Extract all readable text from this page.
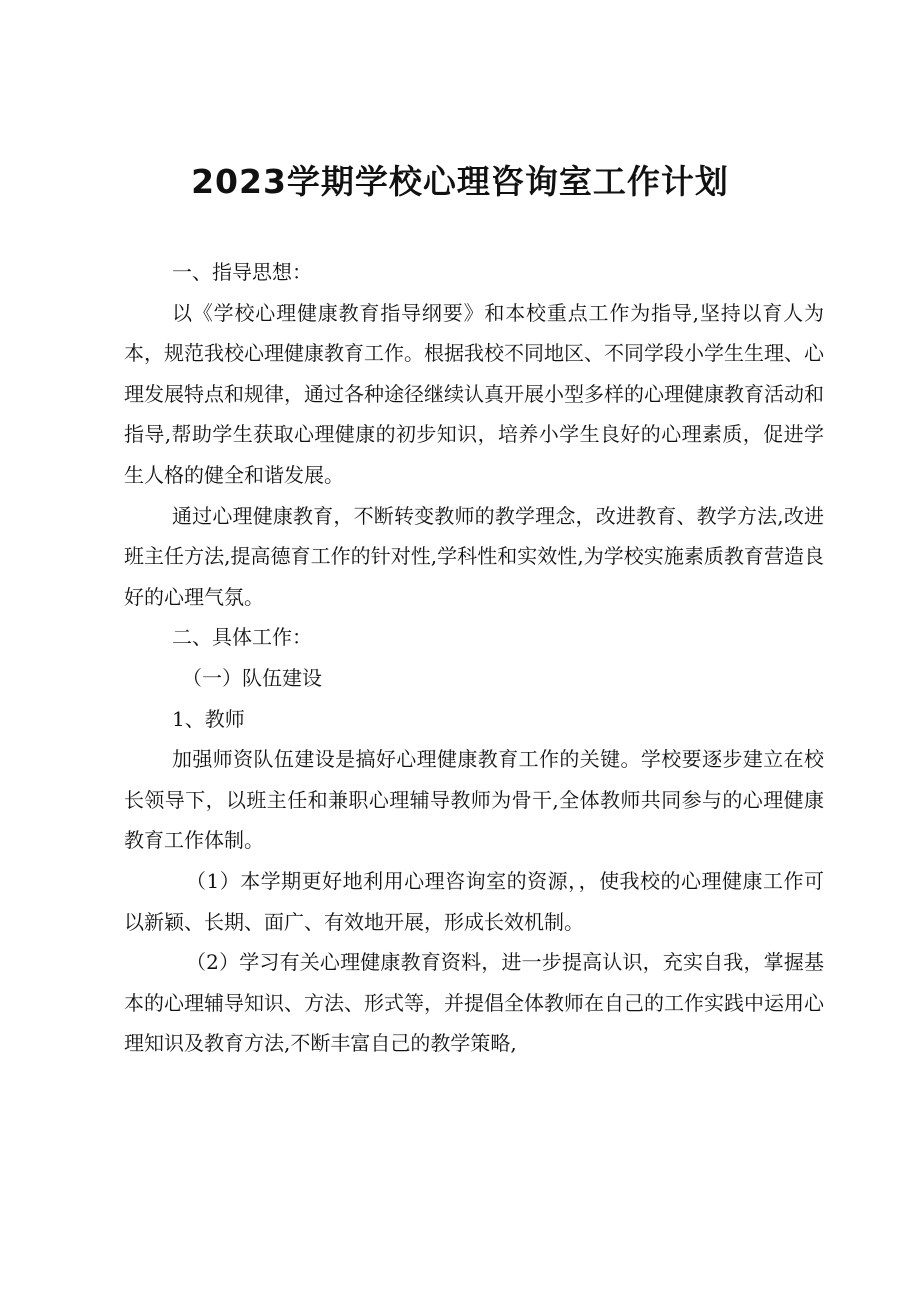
2023学期学校心理咨询室工作计划

一、指导思想：

以《学校心理健康教育指导纲要》和本校重点工作为指导,坚持以育人为本，规范我校心理健康教育工作。根据我校不同地区、不同学段小学生生理、心理发展特点和规律，通过各种途径继续认真开展小型多样的心理健康教育活动和指导,帮助学生获取心理健康的初步知识，培养小学生良好的心理素质，促进学生人格的健全和谐发展。

通过心理健康教育，不断转变教师的教学理念，改进教育、教学方法,改进班主任方法,提高德育工作的针对性,学科性和实效性,为学校实施素质教育营造良好的心理气氛。

二、具体工作：

（一）队伍建设

1、教师

加强师资队伍建设是搞好心理健康教育工作的关键。学校要逐步建立在校长领导下，以班主任和兼职心理辅导教师为骨干,全体教师共同参与的心理健康教育工作体制。

（1）本学期更好地利用心理咨询室的资源，，使我校的心理健康工作可以新颖、长期、面广、有效地开展，形成长效机制。

（2）学习有关心理健康教育资料，进一步提高认识，充实自我，掌握基本的心理辅导知识、方法、形式等，并提倡全体教师在自己的工作实践中运用心理知识及教育方法,不断丰富自己的教学策略,
